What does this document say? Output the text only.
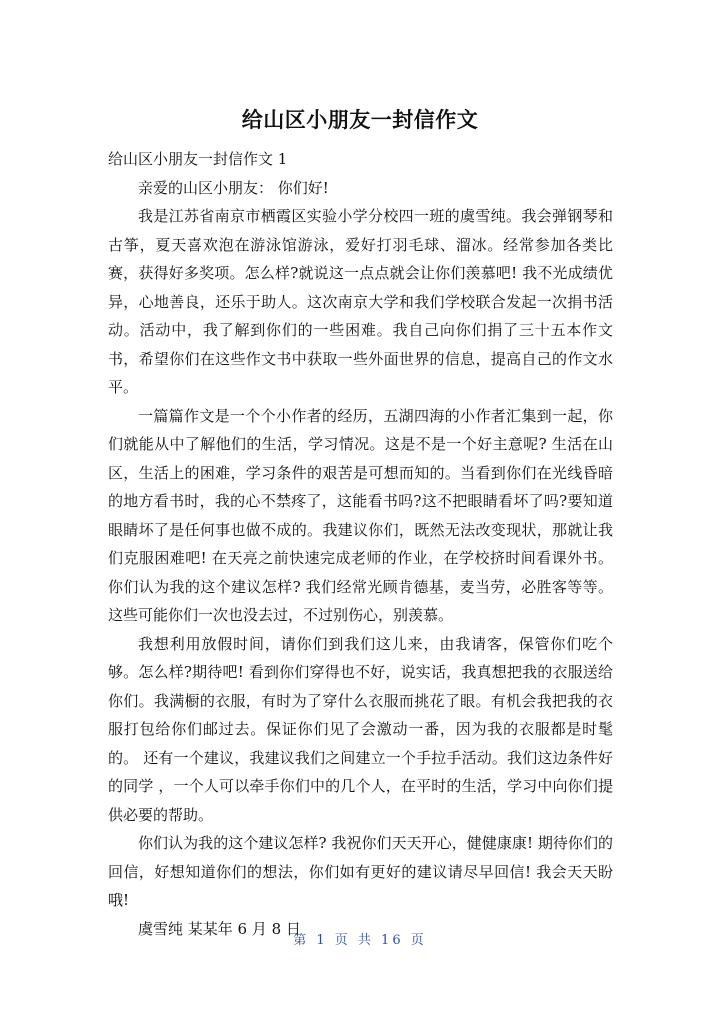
给山区小朋友一封信作文

给山区小朋友一封信作文 1

亲爱的山区小朋友： 你们好!

我是江苏省南京市栖霞区实验小学分校四一班的虞雪纯。我会弹钢琴和古筝，夏天喜欢泡在游泳馆游泳，爱好打羽毛球、溜冰。经常参加各类比赛，获得好多奖项。怎么样?就说这一点点就会让你们羡慕吧! 我不光成绩优异，心地善良，还乐于助人。这次南京大学和我们学校联合发起一次捐书活动。活动中，我了解到你们的一些困难。我自己向你们捐了三十五本作文书，希望你们在这些作文书中获取一些外面世界的信息，提高自己的作文水平。

一篇篇作文是一个个小作者的经历，五湖四海的小作者汇集到一起，你们就能从中了解他们的生活，学习情况。这是不是一个好主意呢? 生活在山区，生活上的困难，学习条件的艰苦是可想而知的。当看到你们在光线昏暗的地方看书时，我的心不禁疼了，这能看书吗?这不把眼睛看坏了吗?要知道眼睛坏了是任何事也做不成的。我建议你们，既然无法改变现状，那就让我们克服困难吧! 在天亮之前快速完成老师的作业，在学校挤时间看课外书。你们认为我的这个建议怎样? 我们经常光顾肯德基，麦当劳，必胜客等等。这些可能你们一次也没去过，不过别伤心，别羡慕。

我想利用放假时间，请你们到我们这儿来，由我请客，保管你们吃个够。怎么样?期待吧! 看到你们穿得也不好，说实话，我真想把我的衣服送给你们。我满橱的衣服，有时为了穿什么衣服而挑花了眼。有机会我把我的衣服打包给你们邮过去。保证你们见了会激动一番，因为我的衣服都是时髦的。 还有一个建议，我建议我们之间建立一个手拉手活动。我们这边条件好的同学 ，一个人可以牵手你们中的几个人，在平时的生活，学习中向你们提供必要的帮助。

你们认为我的这个建议怎样? 我祝你们天天开心，健健康康! 期待你们的回信，好想知道你们的想法，你们如有更好的建议请尽早回信! 我会天天盼哦!

虞雪纯 某某年 6 月 8 日

第 1 页 共 16 页
